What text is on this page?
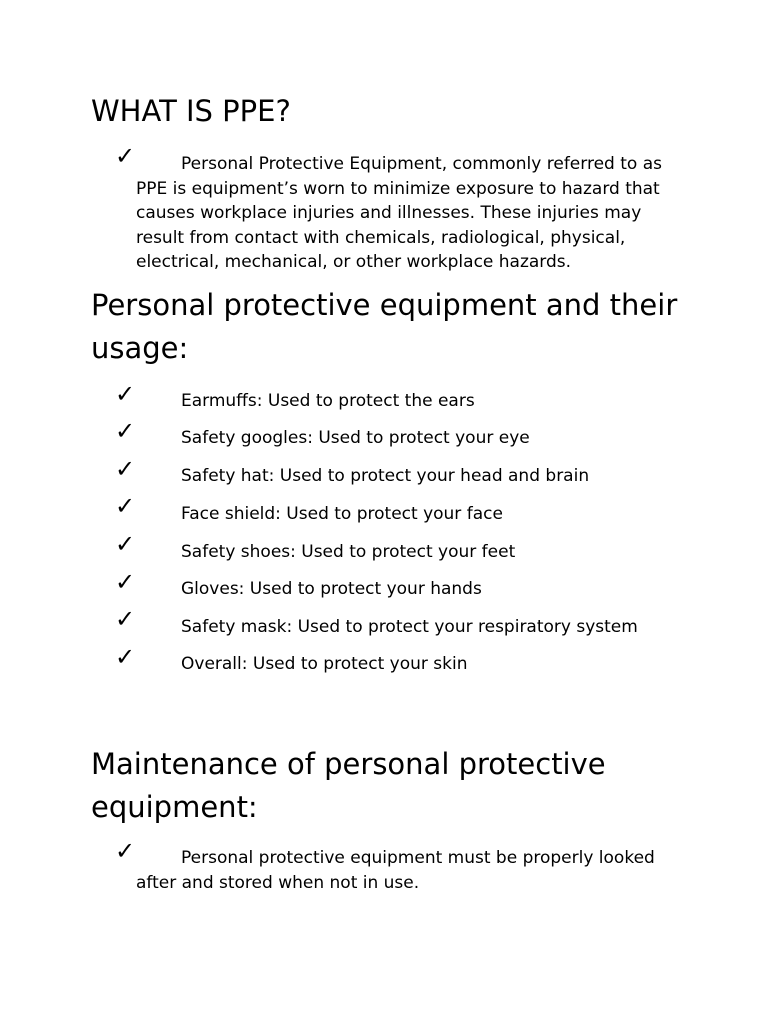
WHAT IS PPE?
✓	Personal Protective Equipment, commonly referred to as PPE is equipment’s worn to minimize exposure to hazard that causes workplace injuries and illnesses. These injuries may result from contact with chemicals, radiological, physical, electrical, mechanical, or other workplace hazards.

Personal protective equipment and their usage:
✓	Earmuffs: Used to protect the ears
✓	Safety googles: Used to protect your eye
✓	Safety hat: Used to protect your head and brain
✓	Face shield: Used to protect your face
✓	Safety shoes: Used to protect your feet
✓	Gloves: Used to protect your hands
✓	Safety mask: Used to protect your respiratory system
✓	Overall: Used to protect your skin
Maintenance of personal protective equipment:
✓	Personal protective equipment must be properly looked after and stored when not in use.
